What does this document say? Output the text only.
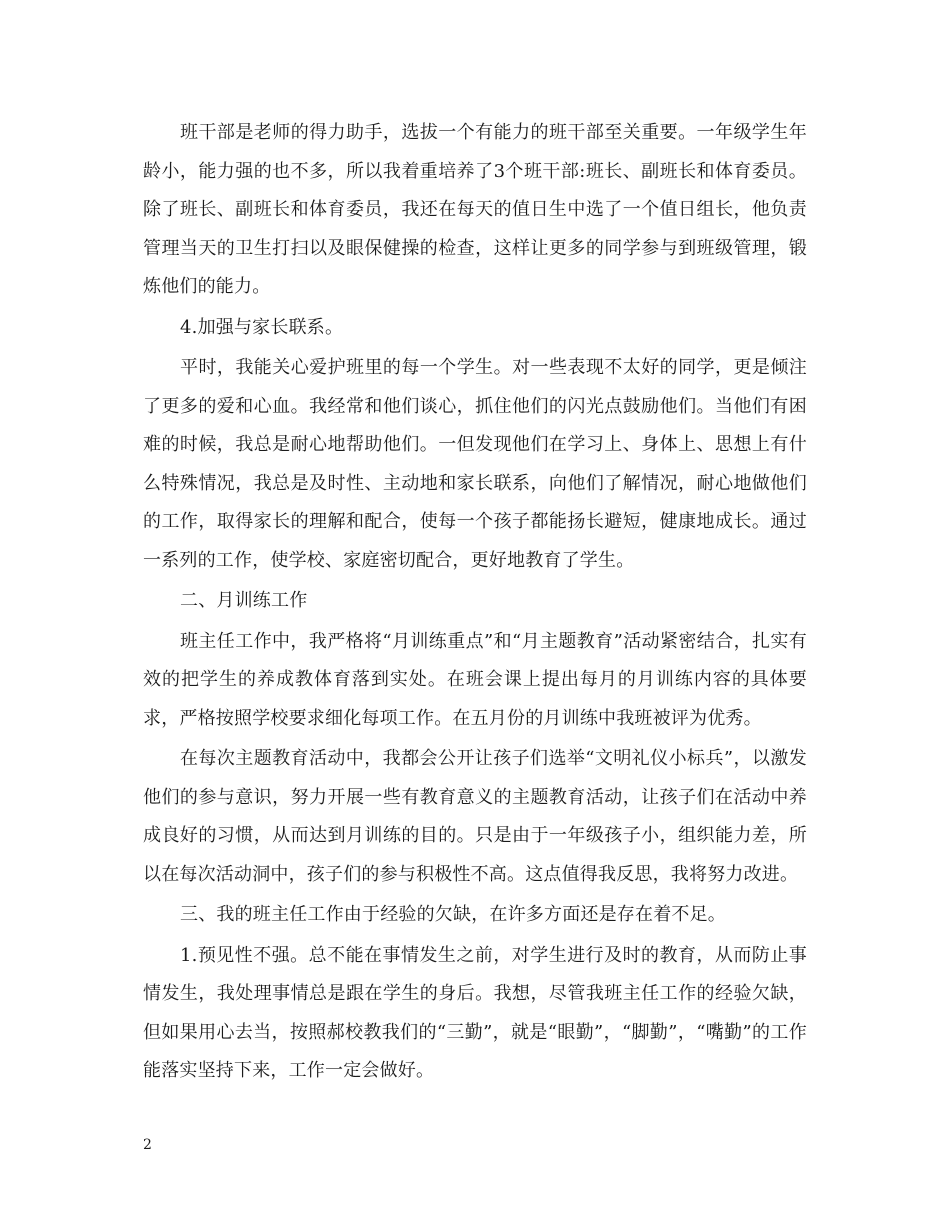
班干部是老师的得力助手，选拔一个有能力的班干部至关重要。一年级学生年龄小，能力强的也不多，所以我着重培养了3个班干部:班长、副班长和体育委员。除了班长、副班长和体育委员，我还在每天的值日生中选了一个值日组长，他负责管理当天的卫生打扫以及眼保健操的检查，这样让更多的同学参与到班级管理，锻炼他们的能力。

4.加强与家长联系。

平时，我能关心爱护班里的每一个学生。对一些表现不太好的同学，更是倾注了更多的爱和心血。我经常和他们谈心，抓住他们的闪光点鼓励他们。当他们有困难的时候，我总是耐心地帮助他们。一但发现他们在学习上、身体上、思想上有什么特殊情况，我总是及时性、主动地和家长联系，向他们了解情况，耐心地做他们的工作，取得家长的理解和配合，使每一个孩子都能扬长避短，健康地成长。通过一系列的工作，使学校、家庭密切配合，更好地教育了学生。

二、月训练工作

班主任工作中，我严格将“月训练重点”和“月主题教育”活动紧密结合，扎实有效的把学生的养成教体育落到实处。在班会课上提出每月的月训练内容的具体要求，严格按照学校要求细化每项工作。在五月份的月训练中我班被评为优秀。

在每次主题教育活动中，我都会公开让孩子们选举“文明礼仪小标兵”，以激发他们的参与意识，努力开展一些有教育意义的主题教育活动，让孩子们在活动中养成良好的习惯，从而达到月训练的目的。只是由于一年级孩子小，组织能力差，所以在每次活动洞中，孩子们的参与积极性不高。这点值得我反思，我将努力改进。

三、我的班主任工作由于经验的欠缺，在许多方面还是存在着不足。

1.预见性不强。总不能在事情发生之前，对学生进行及时的教育，从而防止事情发生，我处理事情总是跟在学生的身后。我想，尽管我班主任工作的经验欠缺，但如果用心去当，按照郝校教我们的“三勤”，就是“眼勤”，“脚勤”，“嘴勤”的工作能落实坚持下来，工作一定会做好。

2
